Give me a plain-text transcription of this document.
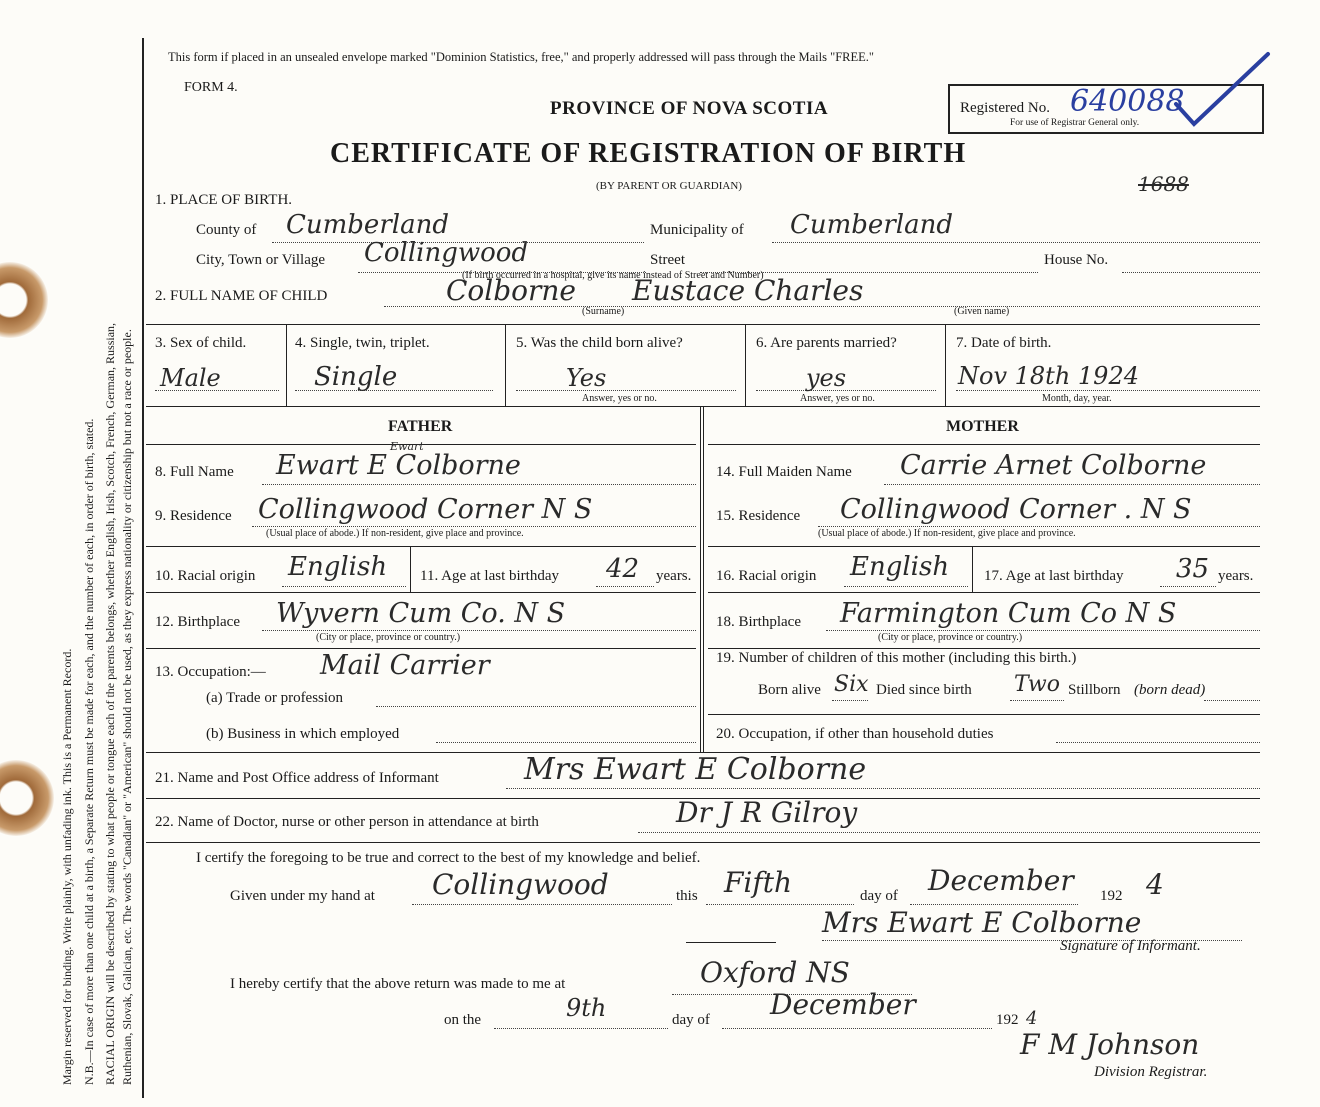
Margin reserved for binding. Write plainly, with unfading ink. This is a Permanent Record. N.B.—In case of more than one child at a birth, a Separate Return must be made for each, and the number of each, in order of birth, stated. RACIAL ORIGIN will be described by stating to what people or tongue each of the parents belongs, whether English, Irish, Scotch, French, German, Russian, Ruthenian, Slovak, Galician, etc. The words "Canadian" or "American" should not be used, as they express nationality or citizenship but not a race or people.
This form if placed in an unsealed envelope marked "Dominion Statistics, free," and properly addressed will pass through the Mails "FREE."
FORM 4.
PROVINCE OF NOVA SCOTIA	Registered No. 640088
For use of Registrar General only.
CERTIFICATE OF REGISTRATION OF BIRTH
(BY PARENT OR GUARDIAN)	1688
1. PLACE OF BIRTH.
County of Cumberland	Municipality of Cumberland
City, Town or Village Collingwood	Street	House No.
(If birth occurred in a hospital, give its name instead of Street and Number)
2. FULL NAME OF CHILD	Colborne Eustace Charles
(Surname)	(Given name)
3. Sex of child.
Male
4. Single, twin, triplet.
Single
5. Was the child born alive?
Yes
Answer, yes or no.
6. Are parents married?
yes
Answer, yes or no.
7. Date of birth.
Nov 18th 1924
Month, day, year.
FATHER	MOTHER
8. Full Name Ewart E Colborne
Ewart
14. Full Maiden Name Carrie Arnet Colborne
9. Residence Collingwood Corner N S
(Usual place of abode.) If non-resident, give place and province.
15. Residence Collingwood Corner . N S
(Usual place of abode.) If non-resident, give place and province.
10. Racial origin English 11. Age at last birthday 42 years. 16. Racial origin English 17. Age at last birthday 35 years.
12. Birthplace Wyvern Cum Co. N S
(City or place, province or country.)
18. Birthplace Farmington Cum Co N S
(City or place, province or country.)
13. Occupation:— Mail Carrier
(a) Trade or profession
(b) Business in which employed
19. Number of children of this mother (including this birth.)
Born alive Six Died since birth Two Stillborn (born dead)
20. Occupation, if other than household duties
21. Name and Post Office address of Informant	Mrs Ewart E Colborne
22. Name of Doctor, nurse or other person in attendance at birth	Dr J R Gilroy
I certify the foregoing to be true and correct to the best of my knowledge and belief.
Given under my hand at Collingwood	this Fifth	day of December 192 4
Mrs Ewart E Colborne
Signature of Informant.
I hereby certify that the above return was made to me at	Oxford NS
on the	9th	day of December	192 4
F M Johnson
Division Registrar.
